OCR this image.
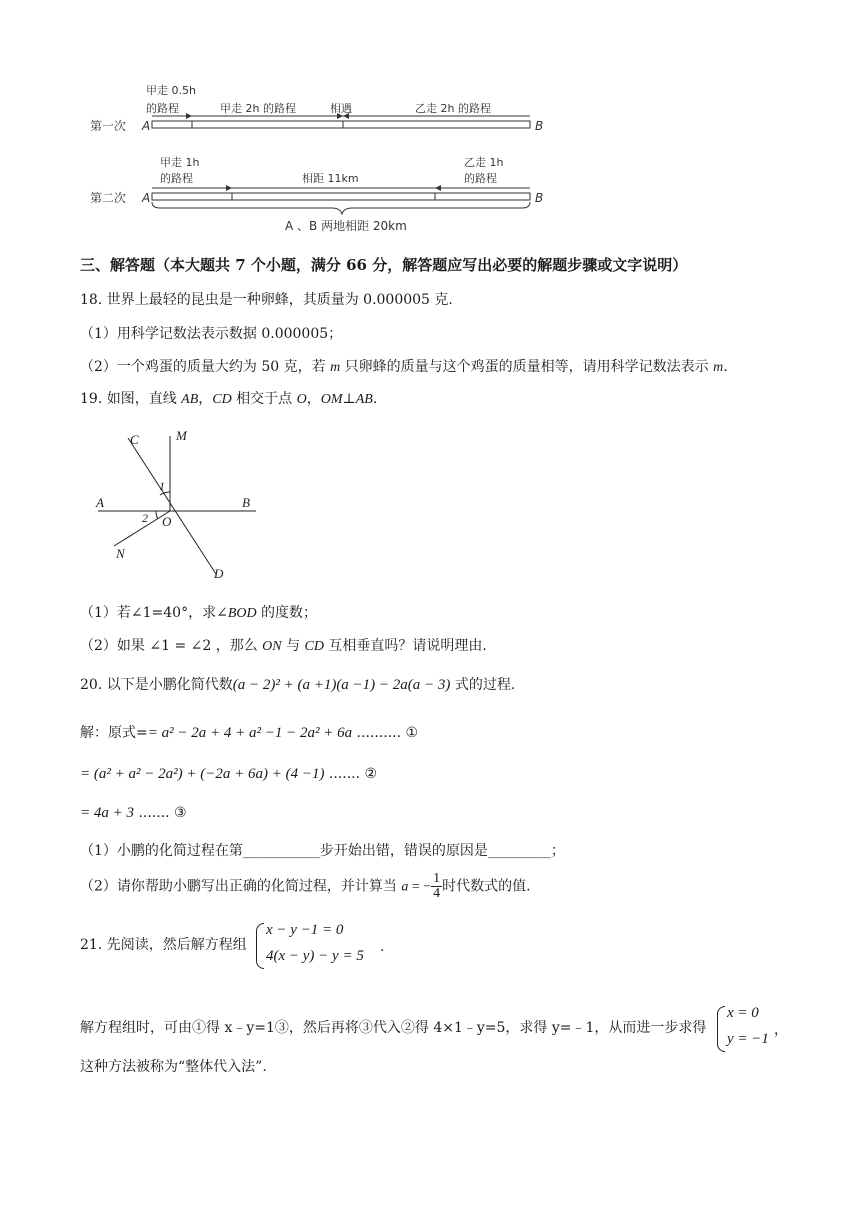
第一次 A	B
甲走 0.5h
的路程	甲走 2h 的路程	相遇	乙走 2h 的路程
第二次 A	B
甲走 1h
的路程	相距 11km
乙走 1h
的路程
A 、B 两地相距 20km
三、解答题（本大题共 7 个小题，满分 66 分，解答题应写出必要的解题步骤或文字说明）
18. 世界上最轻的昆虫是一种卵蜂，其质量为 0.000005 克.
（1）用科学记数法表示数据 0.000005；
（2）一个鸡蛋的质量大约为 50 克，若 m 只卵蜂的质量与这个鸡蛋的质量相等，请用科学记数法表示 m.
19. 如图，直线 AB，CD 相交于点 O，OM⊥AB.
C	M
A	B
O
N
D
1
2
（1）若∠1=40°，求∠BOD 的度数；
（2）如果 ∠1 = ∠2 ，那么 ON 与 CD 互相垂直吗？请说明理由.
20. 以下是小鹏化简代数(a − 2)² + (a +1)(a −1) − 2a(a − 3) 式的过程.
解：原式== a² − 2a + 4 + a² −1 − 2a² + 6a .......... ①
= (a² + a² − 2a²) + (−2a + 6a) + (4 −1) ....... ②
= 4a + 3 ....... ③
（1）小鹏的化简过程在第___________步开始出错，错误的原因是_________；
（2）请你帮助小鹏写出正确的化简过程，并计算当 a = − $\frac{1}{4}$ 时代数式的值.
21. 先阅读，然后解方程组
x − y −1 = 0
4(x − y) − y = 5
.
解方程组时，可由①得 x﹣y=1③，然后再将③代入②得 4×1﹣y=5，求得 y=﹣1，从而进一步求得
x = 0
y = −1
，
这种方法被称为“整体代入法”.
